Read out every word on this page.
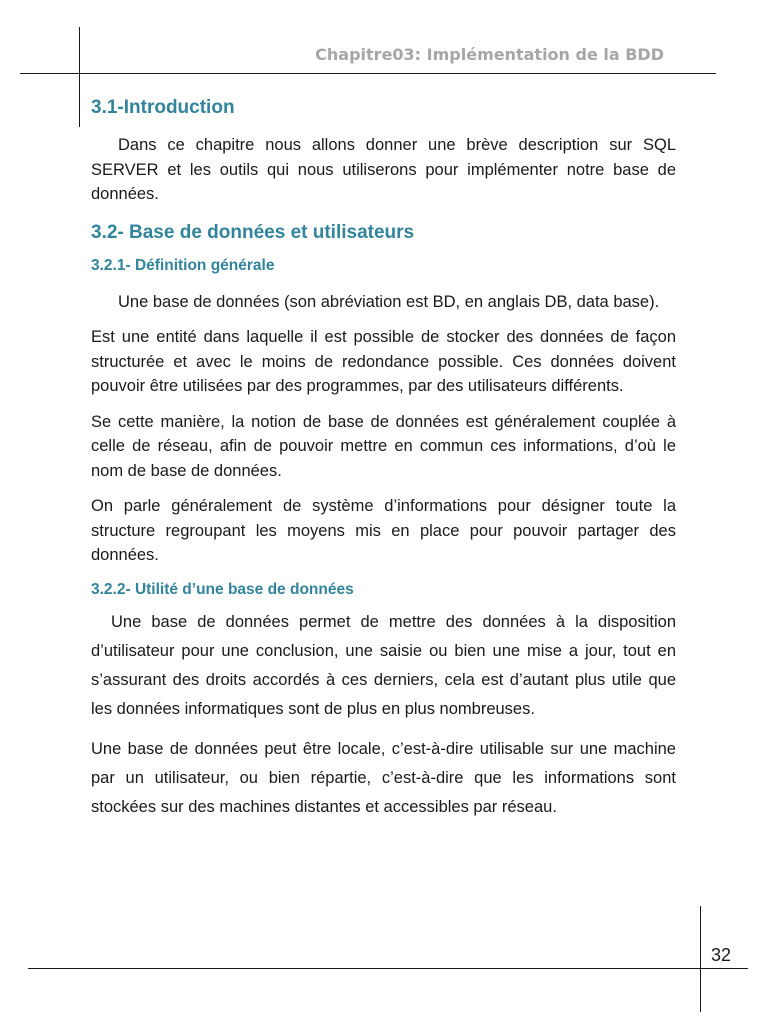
Chapitre03: Implémentation de la BDD
32
3.1-Introduction

Dans ce chapitre nous allons donner une brève description sur SQL SERVER et les outils qui nous utiliserons pour implémenter notre base de données.

3.2- Base de données et utilisateurs
3.2.1- Définition générale

Une base de données (son abréviation est BD, en anglais DB, data base).

Est une entité dans laquelle il est possible de stocker des données de façon structurée et avec le moins de redondance possible. Ces données doivent pouvoir être utilisées par des programmes, par des utilisateurs différents.

Se cette manière, la notion de base de données est généralement couplée à celle de réseau, afin de pouvoir mettre en commun ces informations, d’où le nom de base de données.

On parle généralement de système d’informations pour désigner toute la structure regroupant les moyens mis en place pour pouvoir partager des données.

3.2.2- Utilité d’une base de données

Une base de données permet de mettre des données à la disposition d’utilisateur pour une conclusion, une saisie ou bien une mise a jour, tout en s’assurant des droits accordés à ces derniers, cela est d’autant plus utile que les données informatiques sont de plus en plus nombreuses.

Une base de données peut être locale, c’est-à-dire utilisable sur une machine par un utilisateur, ou bien répartie, c’est-à-dire que les informations sont stockées sur des machines distantes et accessibles par réseau.
